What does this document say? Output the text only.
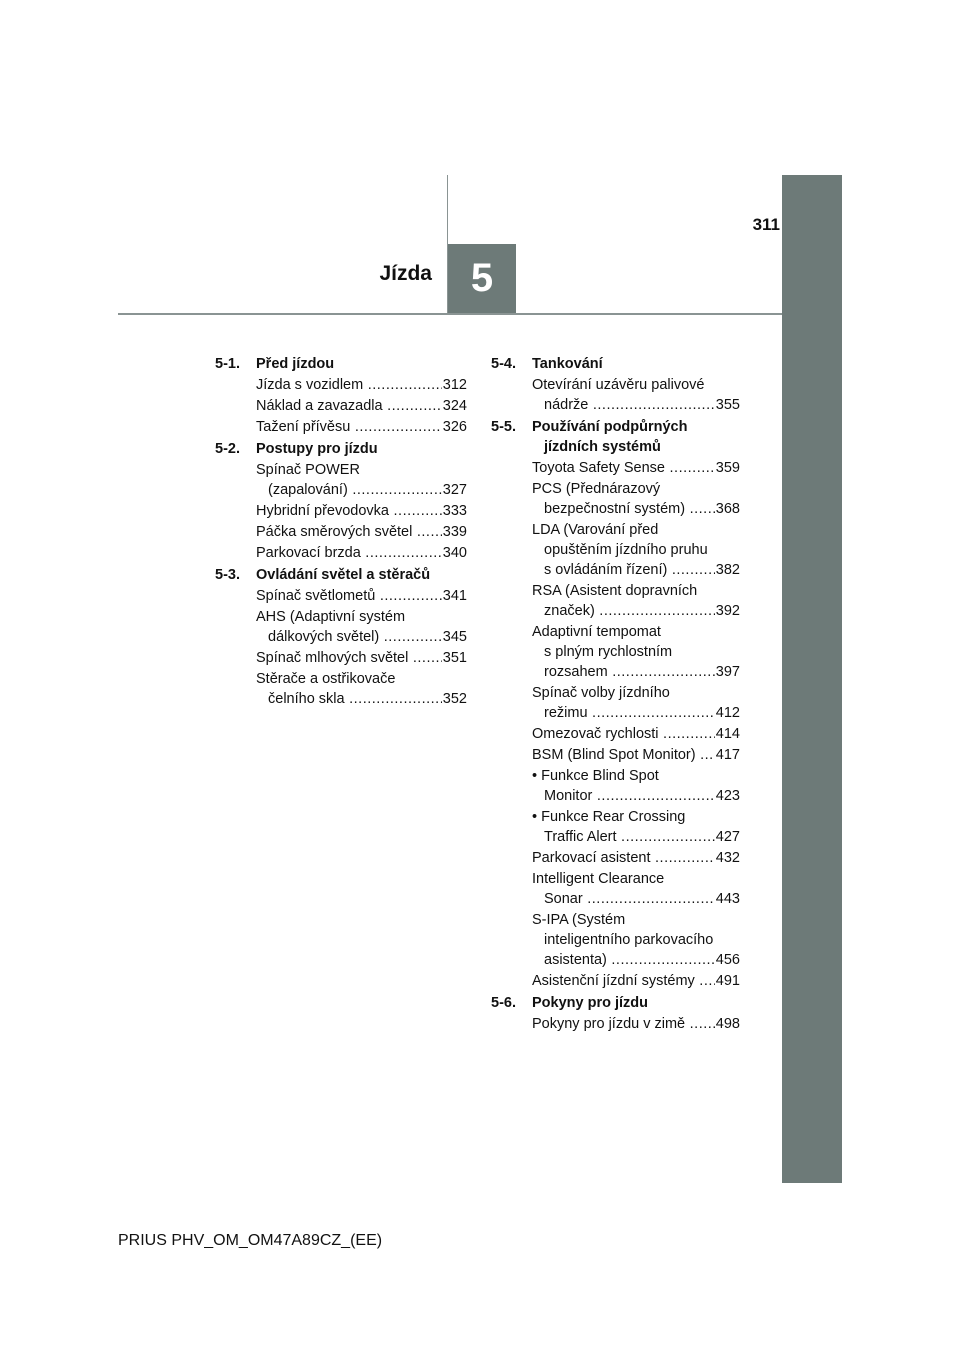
311
Jízda 5
5-1.	Před jízdou
Jízda s vozidlem .....	312
Náklad a zavazadla .....	324
Tažení přívěsu .....	326
5-2.	Postupy pro jízdu
Spínač POWER
(zapalování) .....	327
Hybridní převodovka .....	333
Páčka směrových světel .....	339
Parkovací brzda .....	340
5-3.	Ovládání světel a stěračů
Spínač světlometů .....	341
AHS (Adaptivní systém
dálkových světel) .....	345
Spínač mlhových světel .....	351
Stěrače a ostřikovače
čelního skla .....	352
5-4.	Tankování
Otevírání uzávěru palivové
nádrže .....	355
5-5.	Používání podpůrných
jízdních systémů
Toyota Safety Sense .....	359
PCS (Přednárazový
bezpečnostní systém) .....	368
LDA (Varování před
opuštěním jízdního pruhu
s ovládáním řízení) .....	382
RSA (Asistent dopravních
značek) .....	392
Adaptivní tempomat
s plným rychlostním
rozsahem .....	397
Spínač volby jízdního
režimu .....	412
Omezovač rychlosti .....	414
BSM (Blind Spot Monitor) .....	417
• Funkce Blind Spot
Monitor .....	423
• Funkce Rear Crossing
Traffic Alert .....	427
Parkovací asistent .....	432
Intelligent Clearance
Sonar .....	443
S-IPA (Systém
inteligentního parkovacího
asistenta) .....	456
Asistenční jízdní systémy .....	491
5-6.	Pokyny pro jízdu
Pokyny pro jízdu v zimě .....	498
PRIUS PHV_OM_OM47A89CZ_(EE)
